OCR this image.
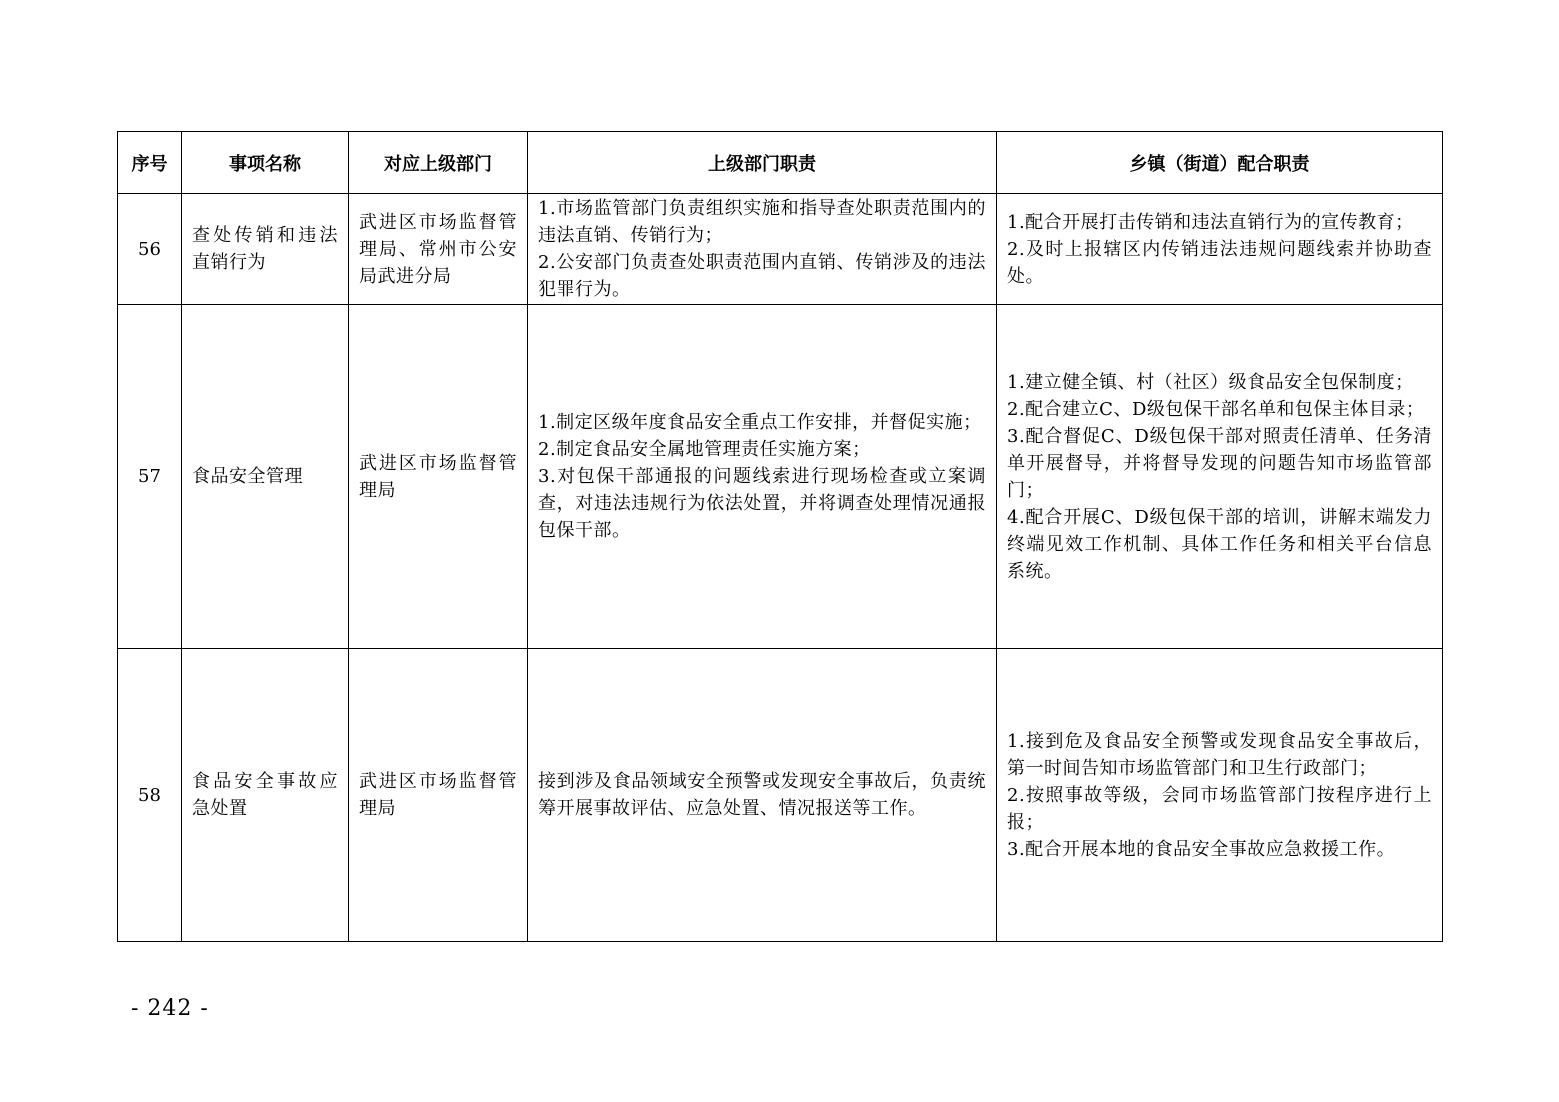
序号	事项名称	对应上级部门	上级部门职责	乡镇（街道）配合职责
56	查处传销和违法直销行为	武进区市场监督管理局、常州市公安局武进分局	1.市场监管部门负责组织实施和指导查处职责范围内的违法直销、传销行为；
2.公安部门负责查处职责范围内直销、传销涉及的违法犯罪行为。	1.配合开展打击传销和违法直销行为的宣传教育；
2.及时上报辖区内传销违法违规问题线索并协助查处。
57	食品安全管理	武进区市场监督管理局	1.制定区级年度食品安全重点工作安排，并督促实施；
2.制定食品安全属地管理责任实施方案；
3.对包保干部通报的问题线索进行现场检查或立案调查，对违法违规行为依法处置，并将调查处理情况通报包保干部。	1.建立健全镇、村（社区）级食品安全包保制度；
2.配合建立C、D级包保干部名单和包保主体目录；
3.配合督促C、D级包保干部对照责任清单、任务清单开展督导，并将督导发现的问题告知市场监管部门；
4.配合开展C、D级包保干部的培训，讲解末端发力终端见效工作机制、具体工作任务和相关平台信息系统。
58	食品安全事故应急处置	武进区市场监督管理局	接到涉及食品领域安全预警或发现安全事故后，负责统筹开展事故评估、应急处置、情况报送等工作。	1.接到危及食品安全预警或发现食品安全事故后，第一时间告知市场监管部门和卫生行政部门；
2.按照事故等级，会同市场监管部门按程序进行上报；
3.配合开展本地的食品安全事故应急救援工作。
- 242 -
